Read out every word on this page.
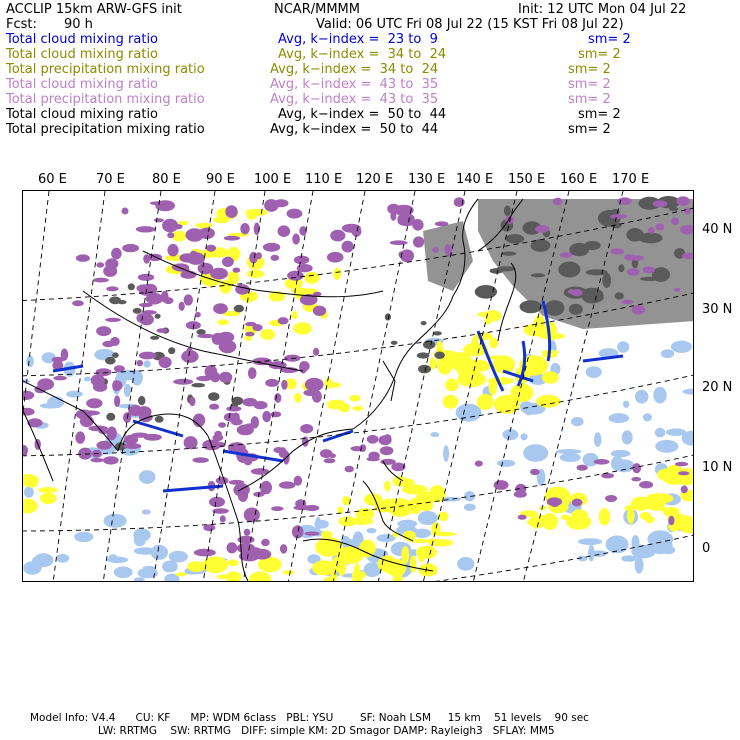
ACCLIP 15km ARW-GFS init	NCAR/MMMM	Init: 12 UTC Mon 04 Jul 22
Fcst: 90 h	Valid: 06 UTC Fri 08 Jul 22 (15 KST Fri 08 Jul 22)
Total cloud mixing ratio	Avg, k−index =  23 to  9	sm= 2
Total cloud mixing ratio	Avg, k−index =  34 to  24	sm= 2
Total precipitation mixing ratio	Avg, k−index =  34 to  24	sm= 2
Total cloud mixing ratio	Avg, k−index =  43 to  35	sm= 2
Total precipitation mixing ratio	Avg, k−index =  43 to  35	sm= 2
Total cloud mixing ratio	Avg, k−index =  50 to  44	sm= 2
Total precipitation mixing ratio	Avg, k−index =  50 to  44	sm= 2
60 E 70 E 80 E 90 E 100 E 110 E 120 E 130 E 140 E 150 E 160 E 170 E
40 N
30 N
20 N
10 N
0
Model Info: V4.4      CU: KF      MP: WDM 6class   PBL: YSU        SF: Noah LSM     15 km    51 levels    90 sec
LW: RRTMG    SW: RRTMG   DIFF: simple KM: 2D Smagor DAMP: Rayleigh3   SFLAY: MM5
